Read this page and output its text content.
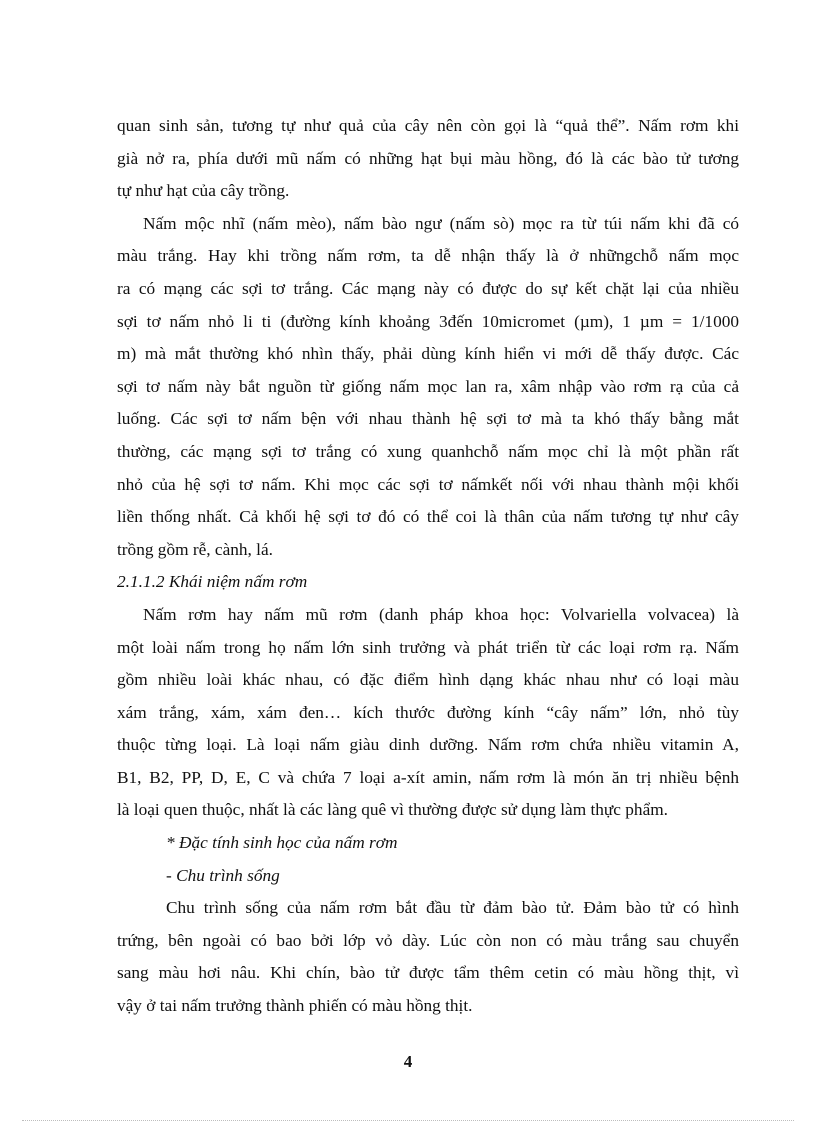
quan sinh sản, tương tự như quả của cây nên còn gọi là “quả thể”. Nấm rơm khi
già nở ra, phía dưới mũ nấm có những hạt bụi màu hồng, đó là các bào tử tương
tự như hạt của cây trồng.
Nấm mộc nhĩ (nấm mèo), nấm bào ngư (nấm sò) mọc ra từ túi nấm khi đã có
màu trắng. Hay khi trồng nấm rơm, ta dễ nhận thấy là ở nhữngchỗ nấm mọc
ra có mạng các sợi tơ trắng. Các mạng này có được do sự kết chặt lại của nhiều
sợi tơ nấm nhỏ li ti (đường kính khoảng 3đến 10micromet (µm), 1 µm = 1/1000
m) mà mắt thường khó nhìn thấy, phải dùng kính hiển vi mới dễ thấy được. Các
sợi tơ nấm này bắt nguồn từ giống nấm mọc lan ra, xâm nhập vào rơm rạ của cả
luống. Các sợi tơ nấm bện với nhau thành hệ sợi tơ mà ta khó thấy bằng mắt
thường, các mạng sợi tơ trắng có xung quanhchỗ nấm mọc chỉ là một phần rất
nhỏ của hệ sợi tơ nấm. Khi mọc các sợi tơ nấmkết nối với nhau thành mội khối
liền thống nhất. Cả khối hệ sợi tơ đó có thể coi là thân của nấm tương tự như cây
trồng gồm rễ, cành, lá.
2.1.1.2 Khái niệm nấm rơm
Nấm rơm hay nấm mũ rơm (danh pháp khoa học: Volvariella volvacea) là
một loài nấm trong họ nấm lớn sinh trưởng và phát triển từ các loại rơm rạ. Nấm
gồm nhiều loài khác nhau, có đặc điểm hình dạng khác nhau như có loại màu
xám trắng, xám, xám đen… kích thước đường kính “cây nấm” lớn, nhỏ tùy
thuộc từng loại. Là loại nấm giàu dinh dưỡng. Nấm rơm chứa nhiều vitamin A,
B1, B2, PP, D, E, C và chứa 7 loại a-xít amin, nấm rơm là món ăn trị nhiều bệnh
là loại quen thuộc, nhất là các làng quê vì thường được sử dụng làm thực phẩm.
* Đặc tính sinh học của nấm rơm
- Chu trình sống
Chu trình sống của nấm rơm bắt đầu từ đảm bào tử. Đảm bào tử có hình
trứng, bên ngoài có bao bởi lớp vỏ dày. Lúc còn non có màu trắng sau chuyển
sang màu hơi nâu. Khi chín, bào tử được tẩm thêm cetin có màu hồng thịt, vì
vậy ở tai nấm trưởng thành phiến có màu hồng thịt.
4
